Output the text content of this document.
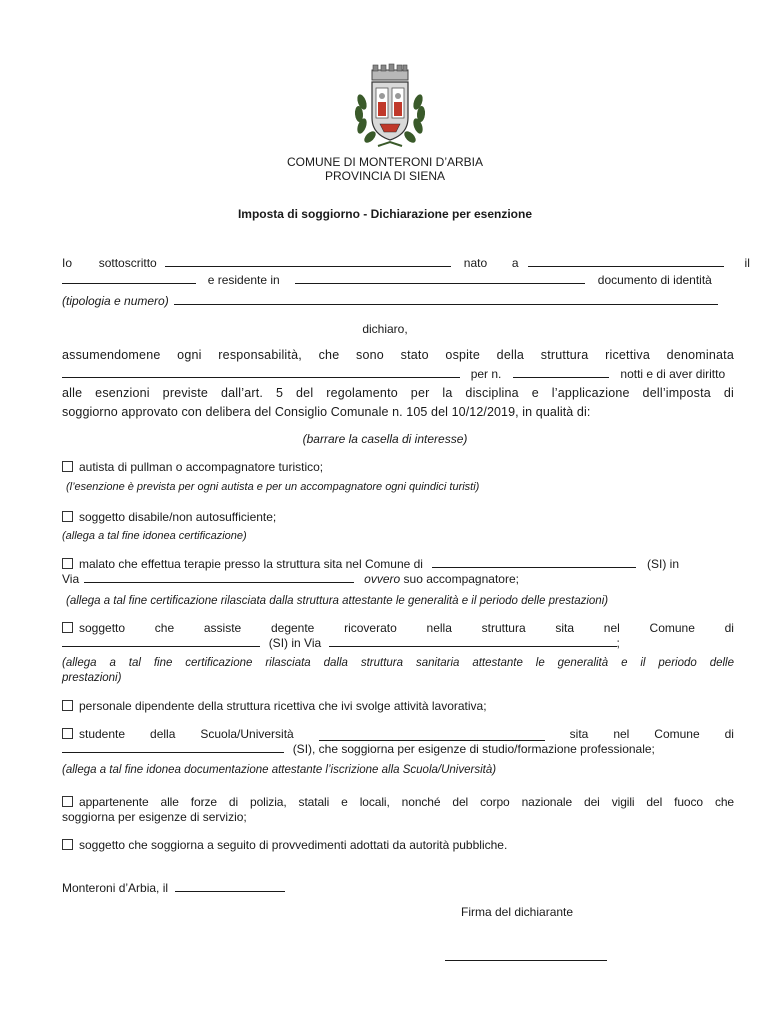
COMUNE DI MONTERONI D’ARBIA
PROVINCIA DI SIENA
Imposta di soggiorno - Dichiarazione per esenzione
Io sottoscritto	nato a	il
e residente in	documento di identità
(tipologia e numero)
dichiaro,
assumendomene ogni responsabilità, che sono stato ospite della struttura ricettiva denominata
per n.	notti e di aver diritto
alle esenzioni previste dall’art. 5 del regolamento per la disciplina e l’applicazione dell’imposta di
soggiorno approvato con delibera del Consiglio Comunale n. 105 del 10/12/2019, in qualità di:
(barrare la casella di interesse)
autista di pullman o accompagnatore turistico;
(l’esenzione è prevista per ogni autista e per un accompagnatore ogni quindici turisti)
soggetto disabile/non autosufficiente;
(allega a tal fine idonea certificazione)
malato che effettua terapie presso la struttura sita nel Comune di	(SI) in
Via	ovvero suo accompagnatore;
(allega a tal fine certificazione rilasciata dalla struttura attestante le generalità e il periodo delle prestazioni)
soggetto che assiste degente ricoverato nella struttura sita nel Comune di
(SI) in Via	;
(allega a tal fine certificazione rilasciata dalla struttura sanitaria attestante le generalità e il periodo delle
prestazioni)
personale dipendente della struttura ricettiva che ivi svolge attività lavorativa;
studente della Scuola/Università	sita nel Comune di
(SI), che soggiorna per esigenze di studio/formazione professionale;
(allega a tal fine idonea documentazione attestante l’iscrizione alla Scuola/Università)
appartenente alle forze di polizia, statali e locali, nonché del corpo nazionale dei vigili del fuoco che
soggiorna per esigenze di servizio;
soggetto che soggiorna a seguito di provvedimenti adottati da autorità pubbliche.
Monteroni d’Arbia, il
Firma del dichiarante
